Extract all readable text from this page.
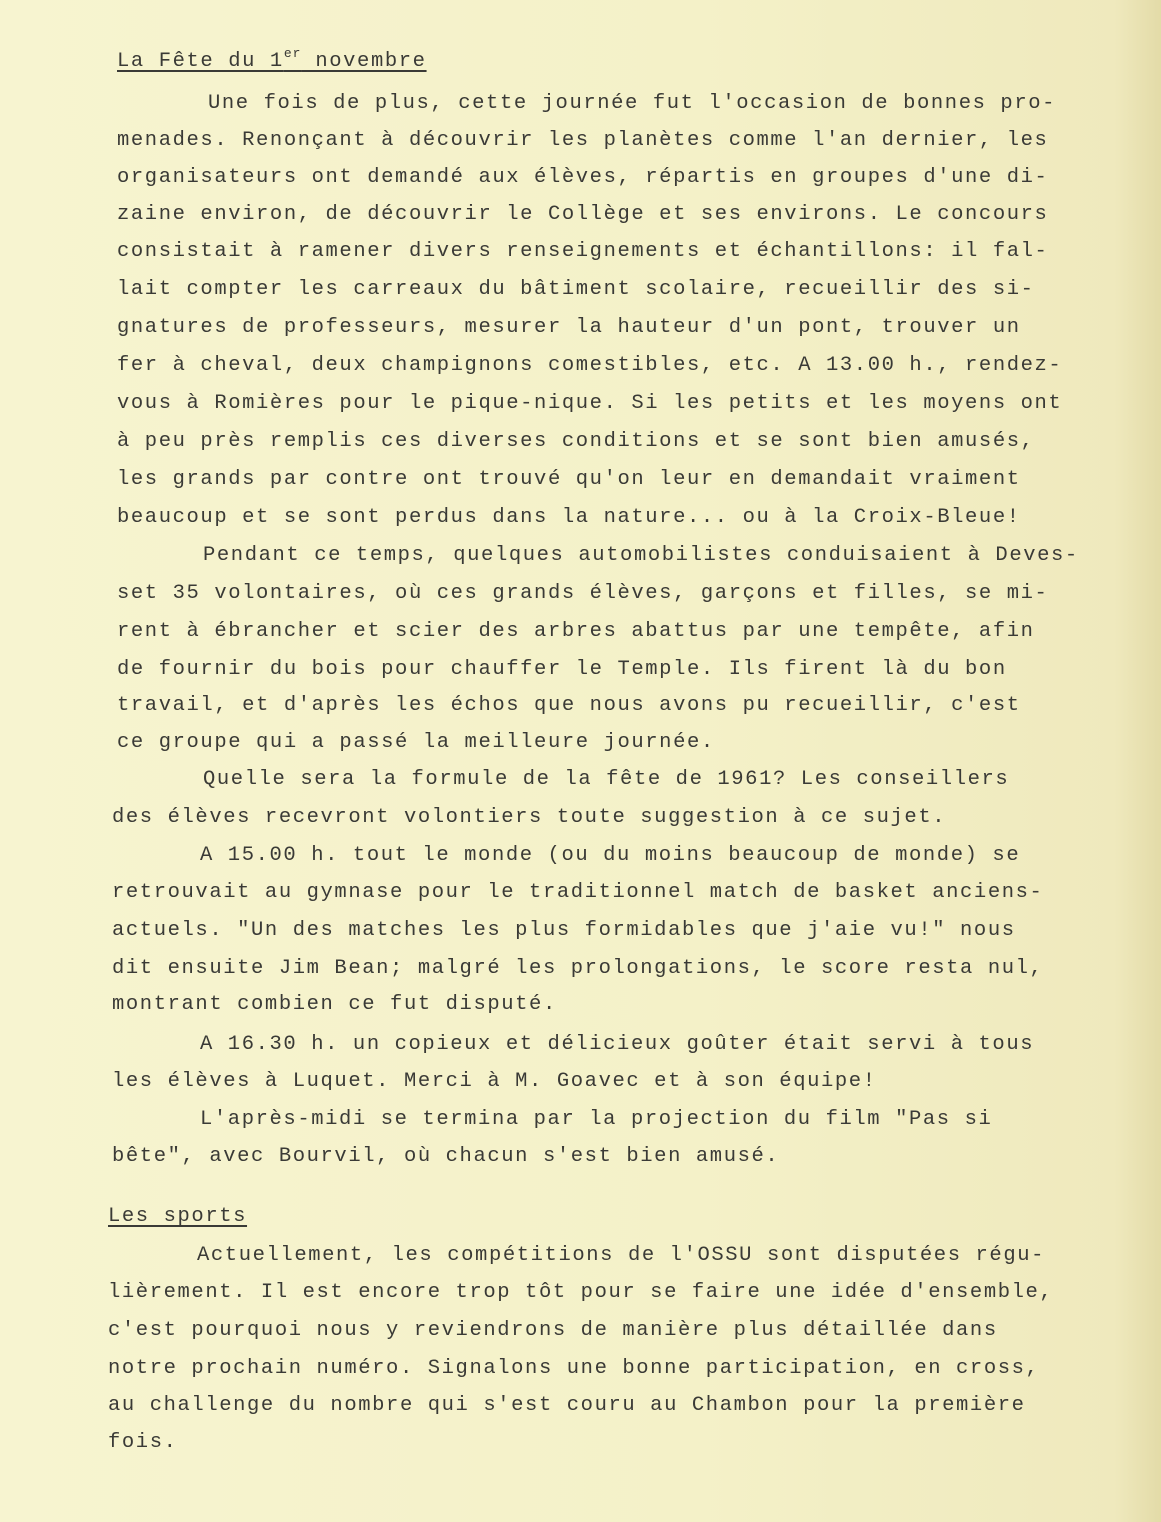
La Fête du 1er novembre
Une fois de plus, cette journée fut l'occasion de bonnes pro-
menades. Renonçant à découvrir les planètes comme l'an dernier, les
organisateurs ont demandé aux élèves, répartis en groupes d'une di-
zaine environ, de découvrir le Collège et ses environs. Le concours
consistait à ramener divers renseignements et échantillons: il fal-
lait compter les carreaux du bâtiment scolaire, recueillir des si-
gnatures de professeurs, mesurer la hauteur d'un pont, trouver un
fer à cheval, deux champignons comestibles, etc. A 13.00 h., rendez-
vous à Romières pour le pique-nique. Si les petits et les moyens ont
à peu près remplis ces diverses conditions et se sont bien amusés,
les grands par contre ont trouvé qu'on leur en demandait vraiment
beaucoup et se sont perdus dans la nature... ou à la Croix-Bleue!
Pendant ce temps, quelques automobilistes conduisaient à Deves-
set 35 volontaires, où ces grands élèves, garçons et filles, se mi-
rent à ébrancher et scier des arbres abattus par une tempête, afin
de fournir du bois pour chauffer le Temple. Ils firent là du bon
travail, et d'après les échos que nous avons pu recueillir, c'est
ce groupe qui a passé la meilleure journée.
Quelle sera la formule de la fête de 1961? Les conseillers
des élèves recevront volontiers toute suggestion à ce sujet.
A 15.00 h. tout le monde (ou du moins beaucoup de monde) se
retrouvait au gymnase pour le traditionnel match de basket anciens-
actuels. "Un des matches les plus formidables que j'aie vu!" nous
dit ensuite Jim Bean; malgré les prolongations, le score resta nul,
montrant combien ce fut disputé.
A 16.30 h. un copieux et délicieux goûter était servi à tous
les élèves à Luquet. Merci à M. Goavec et à son équipe!
L'après-midi se termina par la projection du film "Pas si
bête", avec Bourvil, où chacun s'est bien amusé.
Les sports
Actuellement, les compétitions de l'OSSU sont disputées régu-
lièrement. Il est encore trop tôt pour se faire une idée d'ensemble,
c'est pourquoi nous y reviendrons de manière plus détaillée dans
notre prochain numéro. Signalons une bonne participation, en cross,
au challenge du nombre qui s'est couru au Chambon pour la première
fois.
